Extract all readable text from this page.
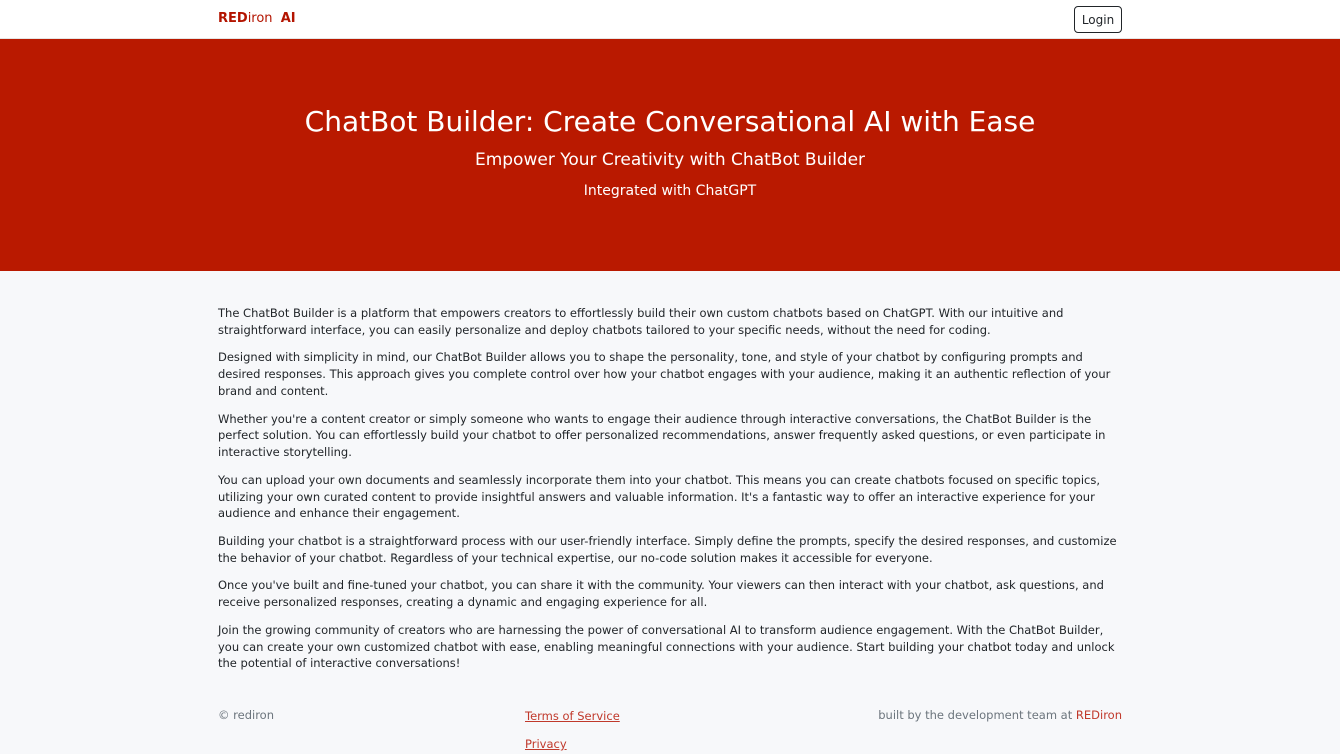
REDiron AI	Login
ChatBot Builder: Create Conversational AI with Ease
Empower Your Creativity with ChatBot Builder
Integrated with ChatGPT

The ChatBot Builder is a platform that empowers creators to effortlessly build their own custom chatbots based on ChatGPT. With our intuitive and straightforward interface, you can easily personalize and deploy chatbots tailored to your specific needs, without the need for coding.

Designed with simplicity in mind, our ChatBot Builder allows you to shape the personality, tone, and style of your chatbot by configuring prompts and desired responses. This approach gives you complete control over how your chatbot engages with your audience, making it an authentic reflection of your brand and content.

Whether you're a content creator or simply someone who wants to engage their audience through interactive conversations, the ChatBot Builder is the perfect solution. You can effortlessly build your chatbot to offer personalized recommendations, answer frequently asked questions, or even participate in interactive storytelling.

You can upload your own documents and seamlessly incorporate them into your chatbot. This means you can create chatbots focused on specific topics, utilizing your own curated content to provide insightful answers and valuable information. It's a fantastic way to offer an interactive experience for your audience and enhance their engagement.

Building your chatbot is a straightforward process with our user-friendly interface. Simply define the prompts, specify the desired responses, and customize the behavior of your chatbot. Regardless of your technical expertise, our no-code solution makes it accessible for everyone.

Once you've built and fine-tuned your chatbot, you can share it with the community. Your viewers can then interact with your chatbot, ask questions, and receive personalized responses, creating a dynamic and engaging experience for all.

Join the growing community of creators who are harnessing the power of conversational AI to transform audience engagement. With the ChatBot Builder, you can create your own customized chatbot with ease, enabling meaningful connections with your audience. Start building your chatbot today and unlock the potential of interactive conversations!

© rediron	Terms of Service
Privacy
built by the development team at REDiron
